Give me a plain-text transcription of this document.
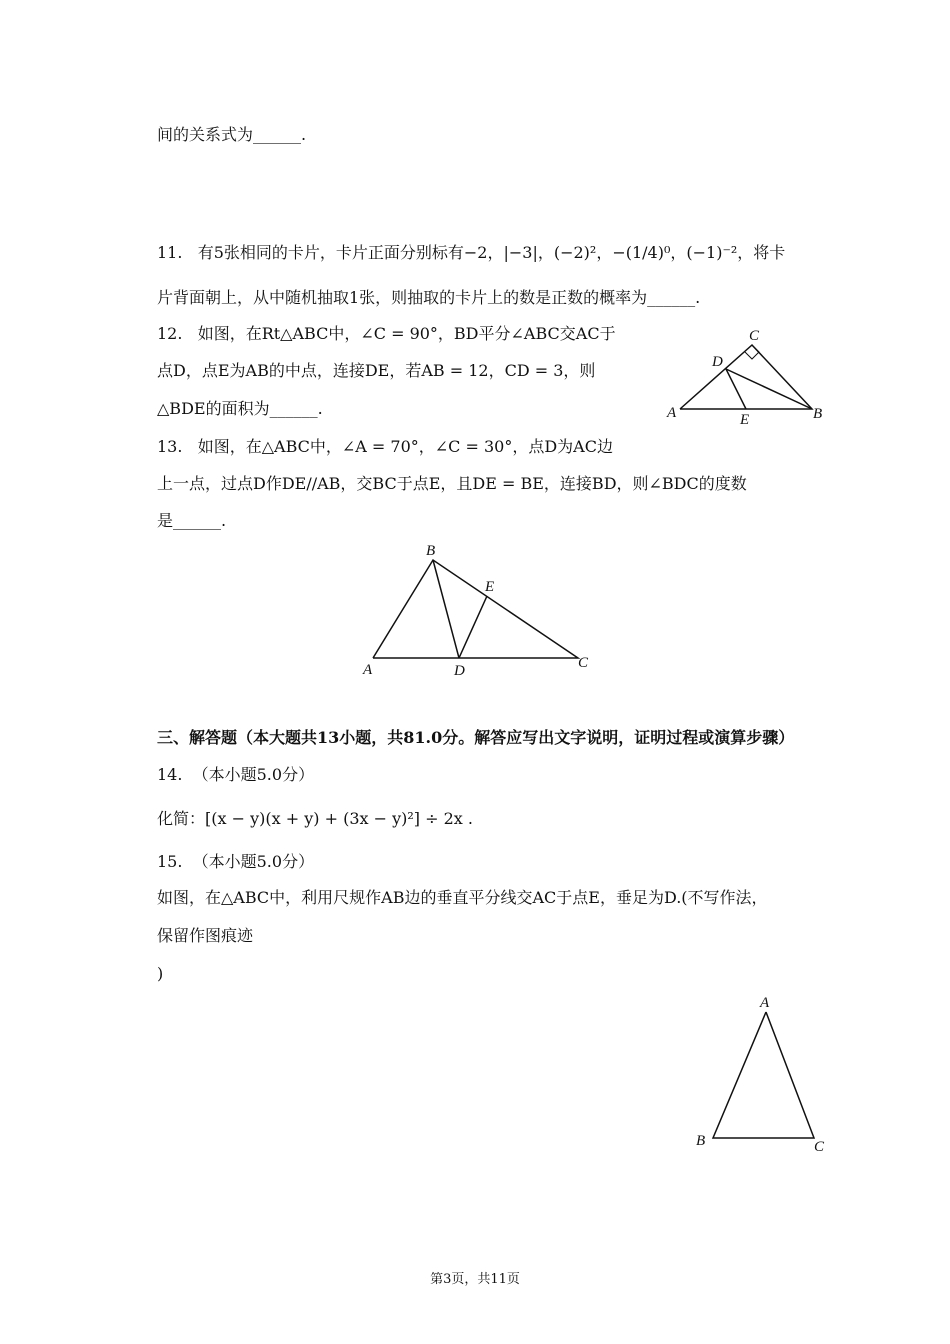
间的关系式为______.
11.   有5张相同的卡片，卡片正面分别标有−2，|−3|，(−2)²，−(1/4)⁰，(−1)⁻²，将卡
片背面朝上，从中随机抽取1张，则抽取的卡片上的数是正数的概率为______.
12.   如图，在Rt△ABC中，∠C = 90°，BD平分∠ABC交AC于
点D，点E为AB的中点，连接DE，若AB = 12，CD = 3，则
△BDE的面积为______.
C
D
A	E	B
13.   如图，在△ABC中，∠A = 70°，∠C = 30°，点D为AC边
上一点，过点D作DE//AB，交BC于点E，且DE = BE，连接BD，则∠BDC的度数
是______.
B
E
A	D	C
三、解答题（本大题共13小题，共81.0分。解答应写出文字说明，证明过程或演算步骤）
14.  （本小题5.0分）
化简：[(x − y)(x + y) + (3x − y)²] ÷ 2x .
15.  （本小题5.0分）
如图，在△ABC中，利用尺规作AB边的垂直平分线交AC于点E，垂足为D.(不写作法，
保留作图痕迹
)
A
B	C
第3页，共11页
